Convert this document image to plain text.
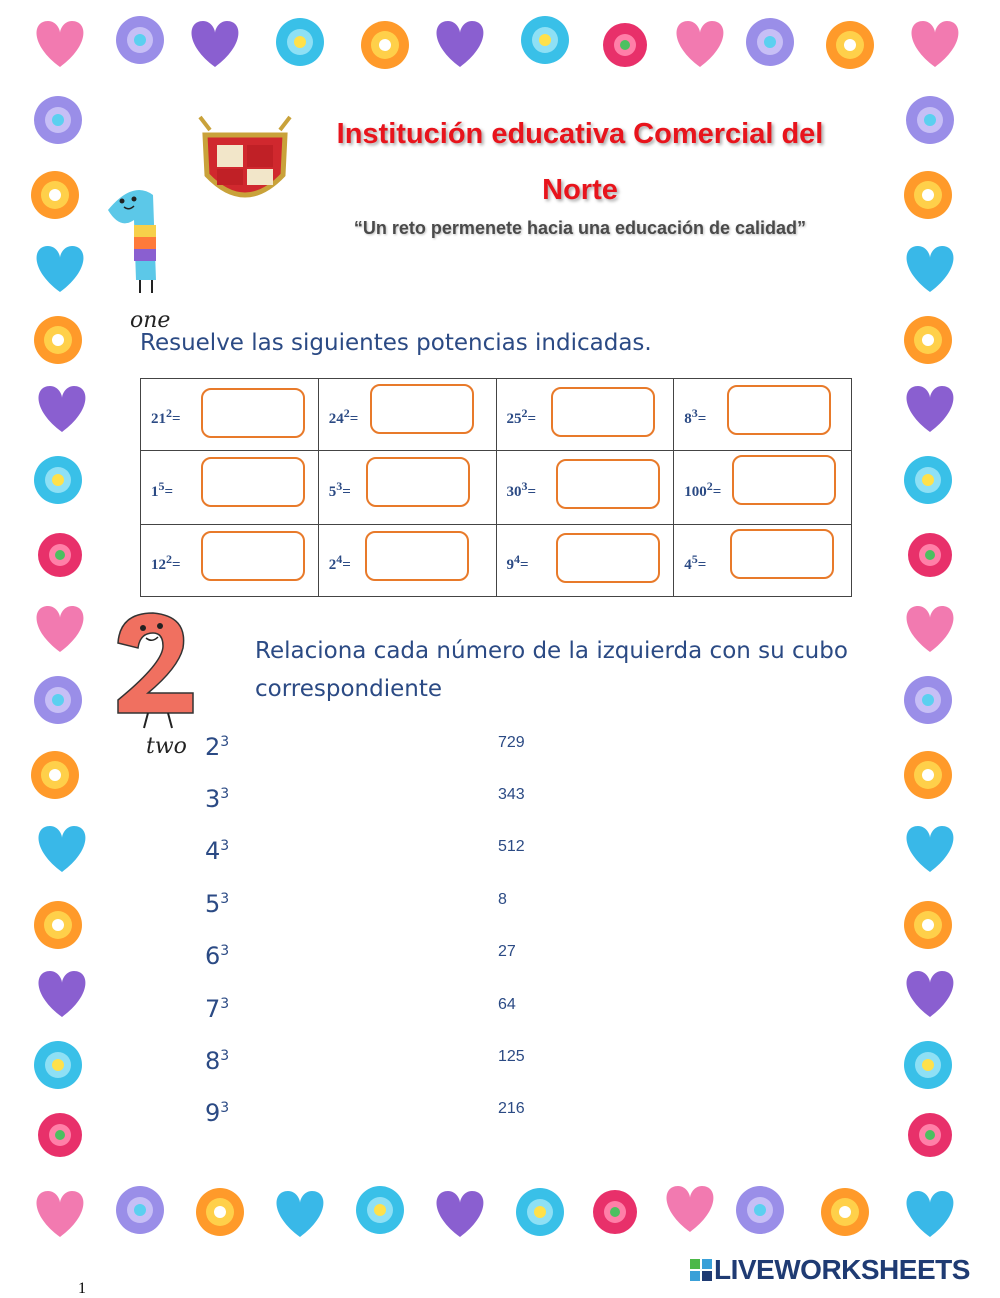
Institución educativa Comercial del Norte
“Un reto permenete hacia una educación de calidad”
one
Resuelve las siguientes potencias indicadas.
$21^2=$	$24^2=$	$25^2=$	$8^3=$

$1^5=$	$5^3=$	$30^3=$	$100^2=$

$12^2=$	$2^4=$	$9^4=$	$4^5=$
two
Relaciona cada número de la izquierda con su cubo correspondiente
$2^3$
$3^3$
$4^3$
$5^3$
$6^3$
$7^3$
$8^3$
$9^3$
729
343
512
8
27
64
125
216
LIVEWORKSHEETS
1
